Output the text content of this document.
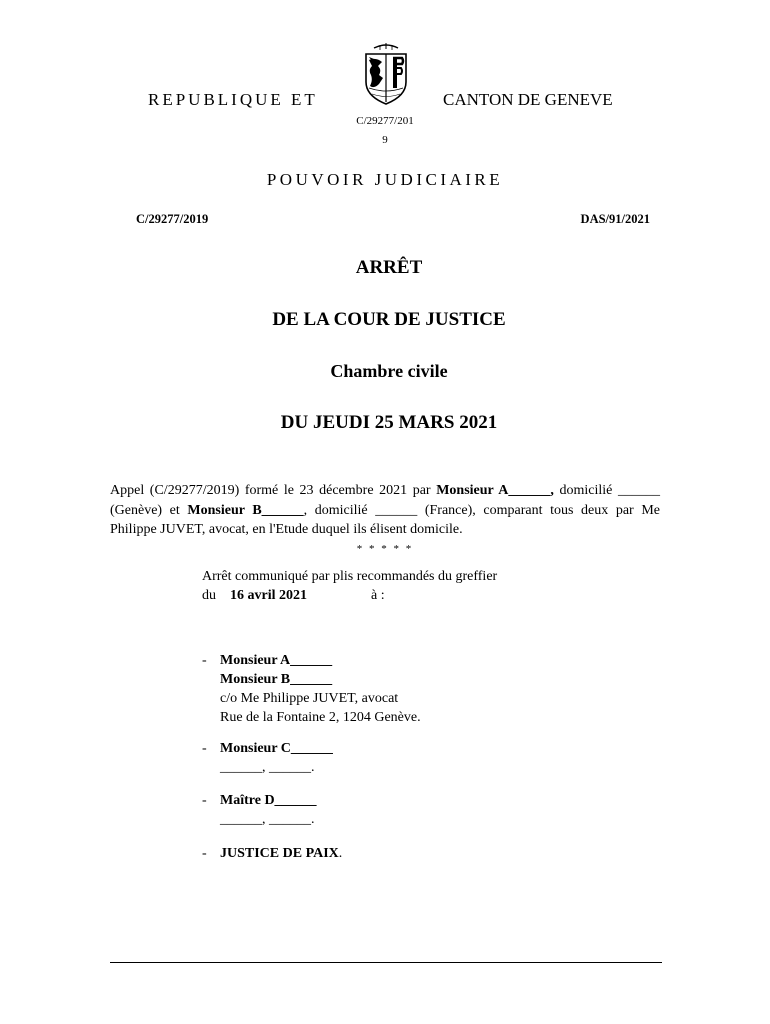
REPUBLIQUE ET	CANTON DE GENEVE
C/29277/201
9
POUVOIR JUDICIAIRE
C/29277/2019	DAS/91/2021
ARRÊT
DE LA COUR DE JUSTICE
Chambre civile
DU JEUDI 25 MARS 2021

Appel (C/29277/2019) formé le 23 décembre 2021 par Monsieur A______, domicilié ______ (Genève) et Monsieur B______, domicilié ______ (France), comparant tous deux par Me Philippe JUVET, avocat, en l'Etude duquel ils élisent domicile.

* * * * *
Arrêt communiqué par plis recommandés du greffier
du 16 avril 2021	à :
- Monsieur A______
Monsieur B______
c/o Me Philippe JUVET, avocat
Rue de la Fontaine 2, 1204 Genève.
- Monsieur C______
______, ______.
- Maître D______
______, ______.
- JUSTICE DE PAIX.
